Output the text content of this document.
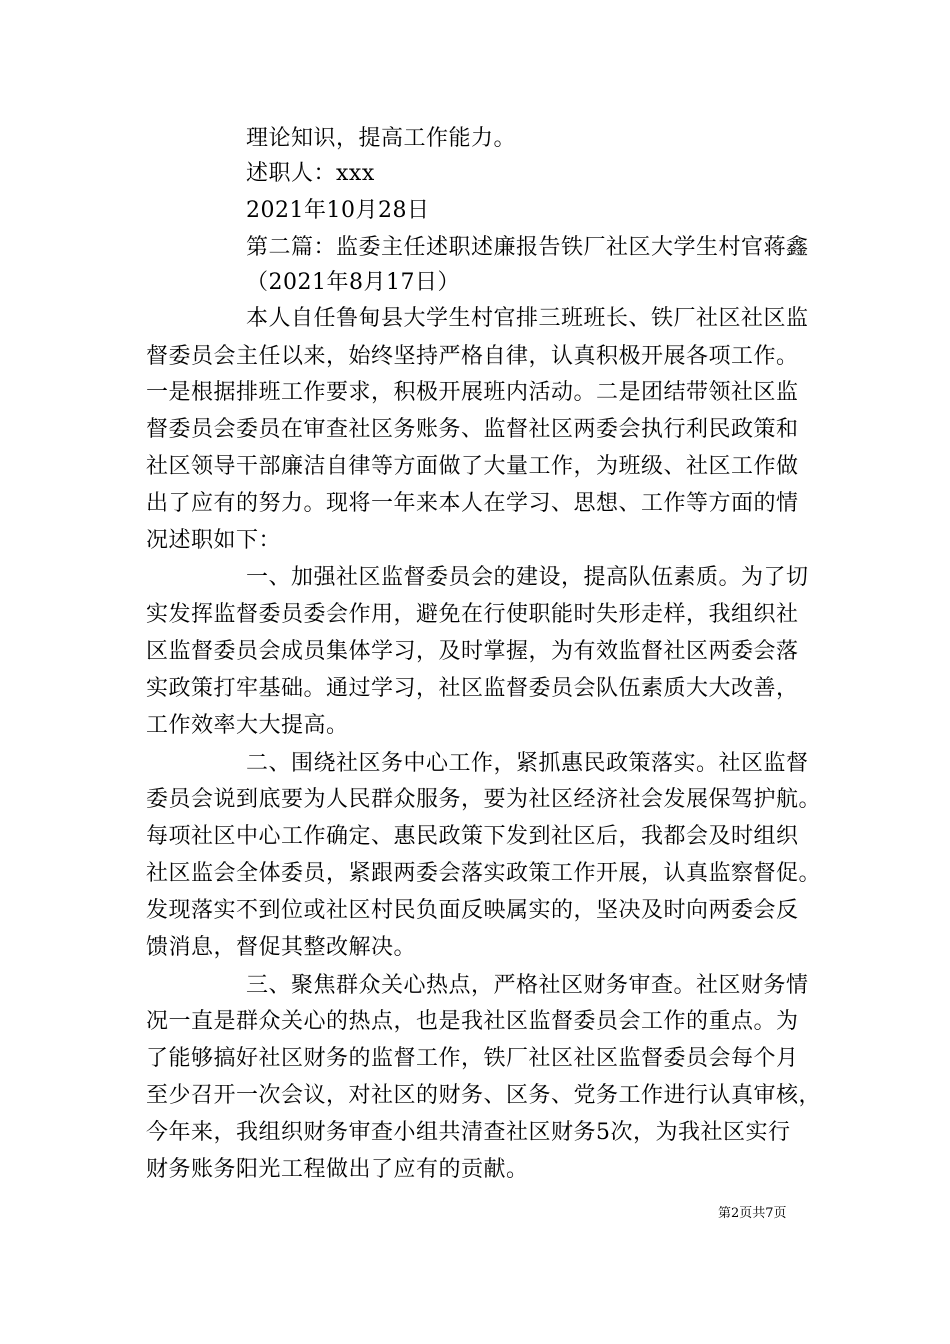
理论知识，提高工作能力。
述职人：xxx
2021年10月28日
第二篇：监委主任述职述廉报告铁厂社区大学生村官蒋鑫
（2021年8月17日）
本人自任鲁甸县大学生村官排三班班长、铁厂社区社区监
督委员会主任以来，始终坚持严格自律，认真积极开展各项工作。
一是根据排班工作要求，积极开展班内活动。二是团结带领社区监
督委员会委员在审查社区务账务、监督社区两委会执行利民政策和
社区领导干部廉洁自律等方面做了大量工作，为班级、社区工作做
出了应有的努力。现将一年来本人在学习、思想、工作等方面的情
况述职如下：
一、加强社区监督委员会的建设，提高队伍素质。为了切
实发挥监督委员委会作用，避免在行使职能时失形走样，我组织社
区监督委员会成员集体学习，及时掌握，为有效监督社区两委会落
实政策打牢基础。通过学习，社区监督委员会队伍素质大大改善，
工作效率大大提高。
二、围绕社区务中心工作，紧抓惠民政策落实。社区监督
委员会说到底要为人民群众服务，要为社区经济社会发展保驾护航。
每项社区中心工作确定、惠民政策下发到社区后，我都会及时组织
社区监会全体委员，紧跟两委会落实政策工作开展，认真监察督促。
发现落实不到位或社区村民负面反映属实的，坚决及时向两委会反
馈消息，督促其整改解决。
三、聚焦群众关心热点，严格社区财务审查。社区财务情
况一直是群众关心的热点，也是我社区监督委员会工作的重点。为
了能够搞好社区财务的监督工作，铁厂社区社区监督委员会每个月
至少召开一次会议，对社区的财务、区务、党务工作进行认真审核，
今年来，我组织财务审查小组共清查社区财务5次，为我社区实行
财务账务阳光工程做出了应有的贡献。
第2页共7页
